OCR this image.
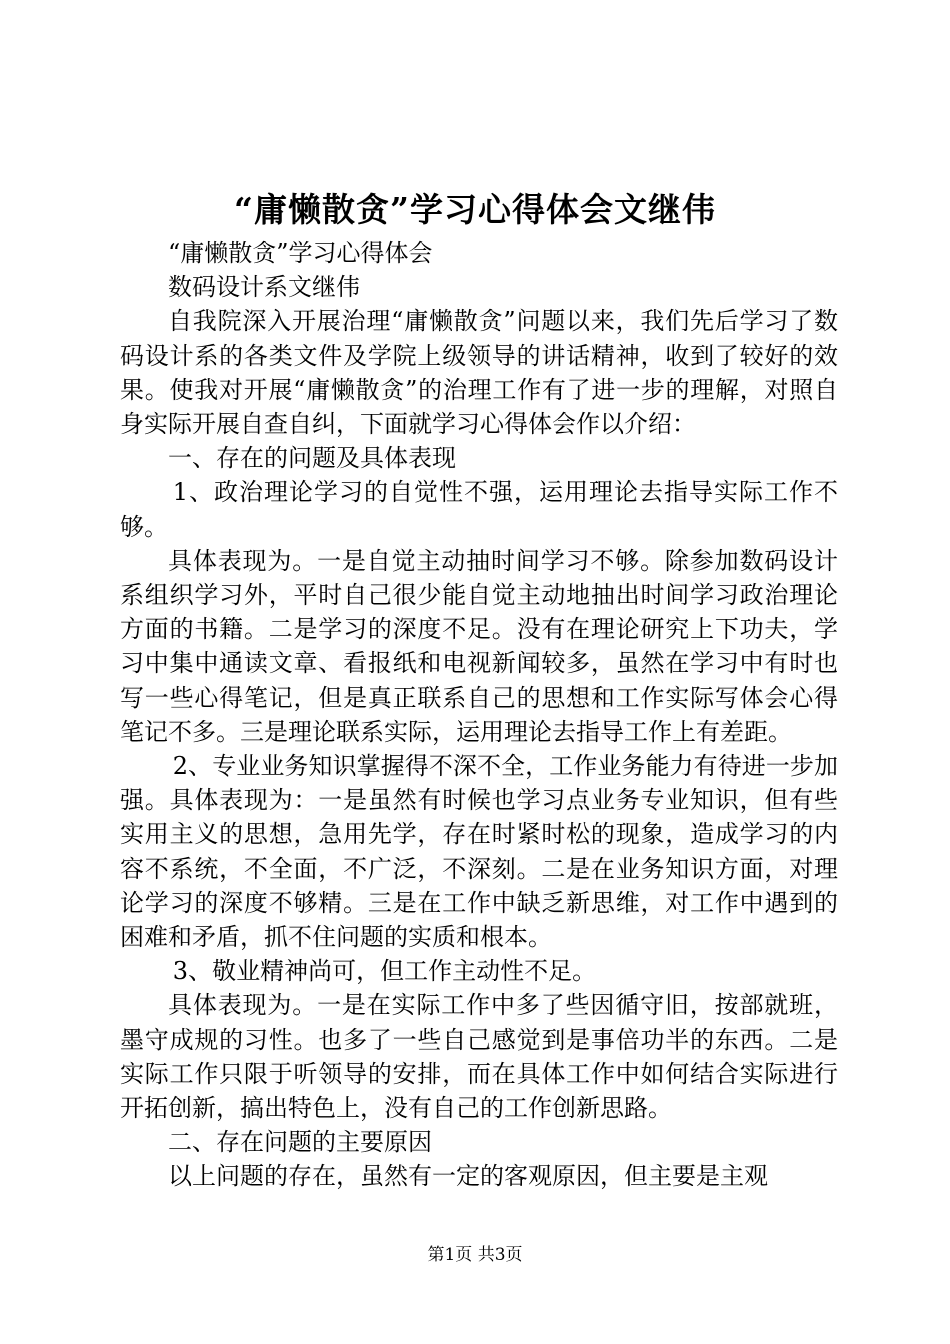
“庸懒散贪”学习心得体会文继伟

“庸懒散贪”学习心得体会

数码设计系文继伟

自我院深入开展治理“庸懒散贪”问题以来，我们先后学习了数码设计系的各类文件及学院上级领导的讲话精神，收到了较好的效果。使我对开展“庸懒散贪”的治理工作有了进一步的理解，对照自身实际开展自查自纠，下面就学习心得体会作以介绍：

一、存在的问题及具体表现

1、政治理论学习的自觉性不强，运用理论去指导实际工作不够。

具体表现为。一是自觉主动抽时间学习不够。除参加数码设计系组织学习外，平时自己很少能自觉主动地抽出时间学习政治理论方面的书籍。二是学习的深度不足。没有在理论研究上下功夫，学习中集中通读文章、看报纸和电视新闻较多，虽然在学习中有时也写一些心得笔记，但是真正联系自己的思想和工作实际写体会心得笔记不多。三是理论联系实际，运用理论去指导工作上有差距。

2、专业业务知识掌握得不深不全，工作业务能力有待进一步加强。具体表现为：一是虽然有时候也学习点业务专业知识，但有些实用主义的思想，急用先学，存在时紧时松的现象，造成学习的内容不系统，不全面，不广泛，不深刻。二是在业务知识方面，对理论学习的深度不够精。三是在工作中缺乏新思维，对工作中遇到的困难和矛盾，抓不住问题的实质和根本。

3、敬业精神尚可，但工作主动性不足。

具体表现为。一是在实际工作中多了些因循守旧，按部就班，墨守成规的习性。也多了一些自己感觉到是事倍功半的东西。二是实际工作只限于听领导的安排，而在具体工作中如何结合实际进行开拓创新，搞出特色上，没有自己的工作创新思路。

二、存在问题的主要原因

以上问题的存在，虽然有一定的客观原因，但主要是主观

第1页 共3页
